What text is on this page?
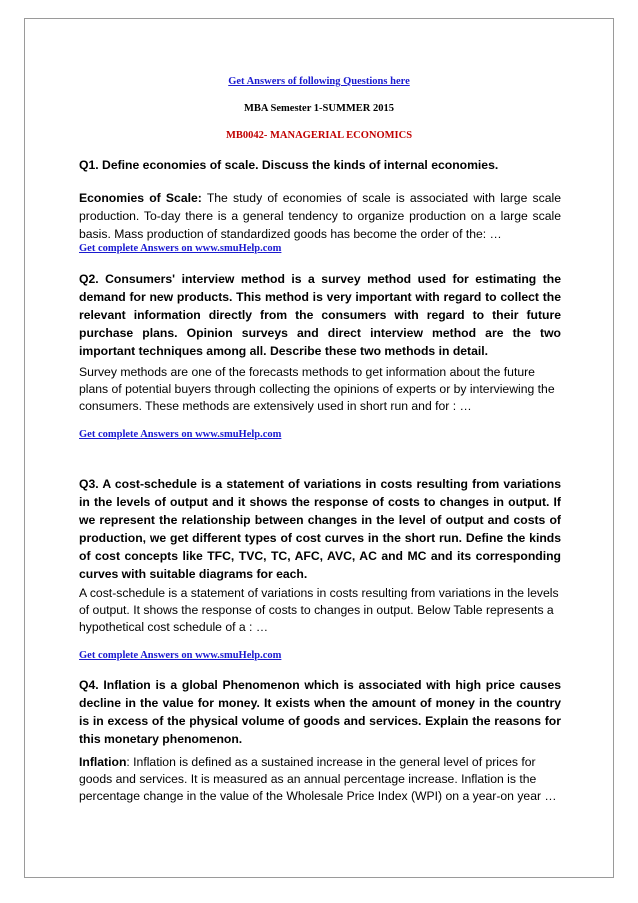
Get Answers of following Questions here
MBA Semester 1-SUMMER 2015
MB0042- MANAGERIAL ECONOMICS
Q1. Define economies of scale. Discuss the kinds of internal economies.
Economies of Scale: The study of economies of scale is associated with large scale production. To-day there is a general tendency to organize production on a large scale basis. Mass production of standardized goods has become the order of the: …
Get complete Answers on www.smuHelp.com
Q2. Consumers' interview method is a survey method used for estimating the demand for new products. This method is very important with regard to collect the relevant information directly from the consumers with regard to their future purchase plans. Opinion surveys and direct interview method are the two important techniques among all. Describe these two methods in detail.
Survey methods are one of the forecasts methods to get information about the future plans of potential buyers through collecting the opinions of experts or by interviewing the consumers. These methods are extensively used in short run and for : …
Get complete Answers on www.smuHelp.com
Q3. A cost-schedule is a statement of variations in costs resulting from variations in the levels of output and it shows the response of costs to changes in output. If we represent the relationship between changes in the level of output and costs of production, we get different types of cost curves in the short run. Define the kinds of cost concepts like TFC, TVC, TC, AFC, AVC, AC and MC and its corresponding curves with suitable diagrams for each.
A cost-schedule is a statement of variations in costs resulting from variations in the levels of output. It shows the response of costs to changes in output. Below Table represents a hypothetical cost schedule of a : …
Get complete Answers on www.smuHelp.com
Q4. Inflation is a global Phenomenon which is associated with high price causes decline in the value for money. It exists when the amount of money in the country is in excess of the physical volume of goods and services. Explain the reasons for this monetary phenomenon.
Inflation: Inflation is defined as a sustained increase in the general level of prices for goods and services. It is measured as an annual percentage increase. Inflation is the percentage change in the value of the Wholesale Price Index (WPI) on a year-on year …
